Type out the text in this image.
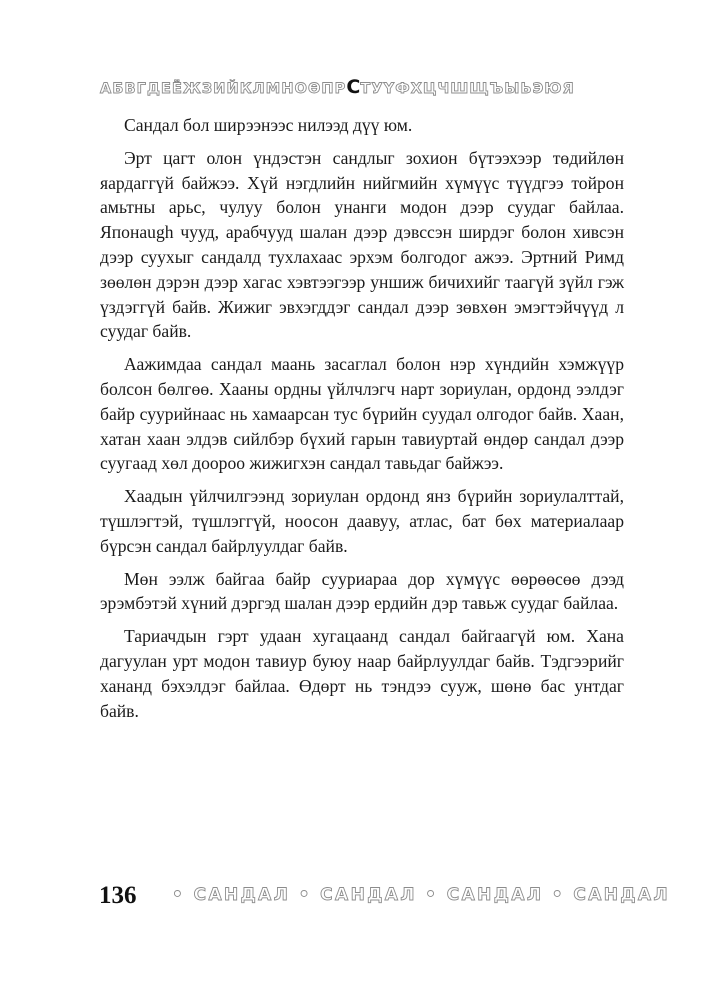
АБВГДЕЁЖЗИЙКЛМНОӨПРСТУҮФХЦЧШЩЪЫЬЭЮЯ

Сандал бол ширээнээс нилээд дүү юм.

Эрт цагт олон үндэстэн сандлыг зохион бүтээхээр төдийлөн яардаггүй байжээ. Хүй нэгдлийн нийгмийн хүмүүс түүдгээ тойрон амьтны арьс, чулуу болон унанги модон дээр суудаг байлаа. Японaugh чууд, арабчууд шалан дээр дэвссэн ширдэг болон хивсэн дээр суухыг сандалд тухлахаас эрхэм болгодог ажээ. Эртний Римд зөөлөн дэрэн дээр хагас хэвтээгээр уншиж бичихийг таагүй зүйл гэж үздэггүй байв. Жижиг эвхэгддэг сандал дээр зөвхөн эмэгтэйчүүд л суудаг байв.

Аажимдаа сандал маань засаглал болон нэр хүндийн хэмжүүр болсон бөлгөө. Хааны ордны үйлчлэгч нарт зориулан, ордонд ээлдэг байр суурийнаас нь хамаарсан тус бүрийн суудал олгодог байв. Хаан, хатан хаан элдэв сийлбэр бүхий гарын тавиуртай өндөр сандал дээр суугаад хөл доороо жижигхэн сандал тавьдаг байжээ.

Хаадын үйлчилгээнд зориулан ордонд янз бүрийн зориулалттай, түшлэгтэй, түшлэггүй, ноосон даавуу, атлас, бат бөх материалаар бүрсэн сандал байрлуулдаг байв.

Мөн ээлж байгаа байр сууриараа дор хүмүүс өөрөөсөө дээд эрэмбэтэй хүний дэргэд шалан дээр ердийн дэр тавьж суудаг байлаа.

Тариачдын гэрт удаан хугацаанд сандал байгаагүй юм. Хана дагуулан урт модон тавиур буюу наар байрлуулдаг байв. Тэдгээрийг хананд бэхэлдэг байлаа. Өдөрт нь тэндээ сууж, шөнө бас унтдаг байв.

136 • САНДАЛ • САНДАЛ • САНДАЛ • САНДАЛ
